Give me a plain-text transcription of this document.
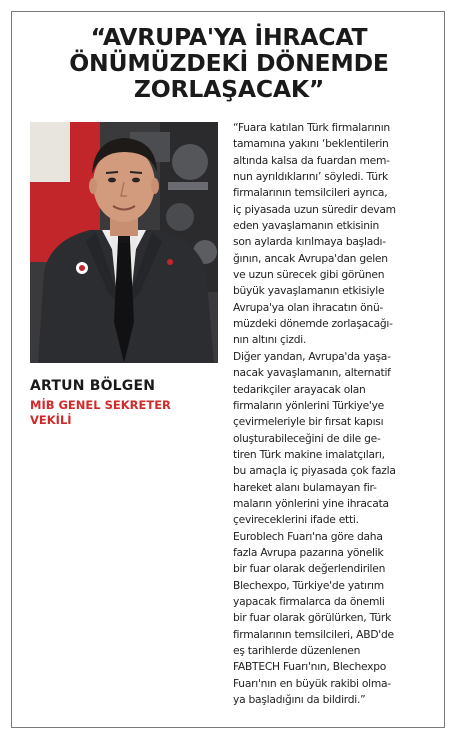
“AVRUPA'YA İHRACAT
ÖNÜMÜZDEKİ DÖNEMDE
ZORLAŞACAK”

ARTUN BÖLGEN

MİB GENEL SEKRETER
VEKİLİ

“Fuara katılan Türk firmalarının
tamamına yakını ‘beklentilerin
altında kalsa da fuardan mem-
nun ayrıldıklarını’ söyledi. Türk
firmalarının temsilcileri ayrıca,
iç piyasada uzun süredir devam
eden yavaşlamanın etkisinin
son aylarda kırılmaya başladı-
ğının, ancak Avrupa'dan gelen
ve uzun sürecek gibi görünen
büyük yavaşlamanın etkisiyle
Avrupa'ya olan ihracatın önü-
müzdeki dönemde zorlaşacağı-
nın altını çizdi.
Diğer yandan, Avrupa'da yaşa-
nacak yavaşlamanın, alternatif
tedarikçiler arayacak olan
firmaların yönlerini Türkiye'ye
çevirmeleriyle bir fırsat kapısı
oluşturabileceğini de dile ge-
tiren Türk makine imalatçıları,
bu amaçla iç piyasada çok fazla
hareket alanı bulamayan fir-
maların yönlerini yine ihracata
çevireceklerini ifade etti.
Euroblech Fuarı'na göre daha
fazla Avrupa pazarına yönelik
bir fuar olarak değerlendirilen
Blechexpo, Türkiye'de yatırım
yapacak firmalarca da önemli
bir fuar olarak görülürken, Türk
firmalarının temsilcileri, ABD'de
eş tarihlerde düzenlenen
FABTECH Fuarı'nın, Blechexpo
Fuarı'nın en büyük rakibi olma-
ya başladığını da bildirdi.”
